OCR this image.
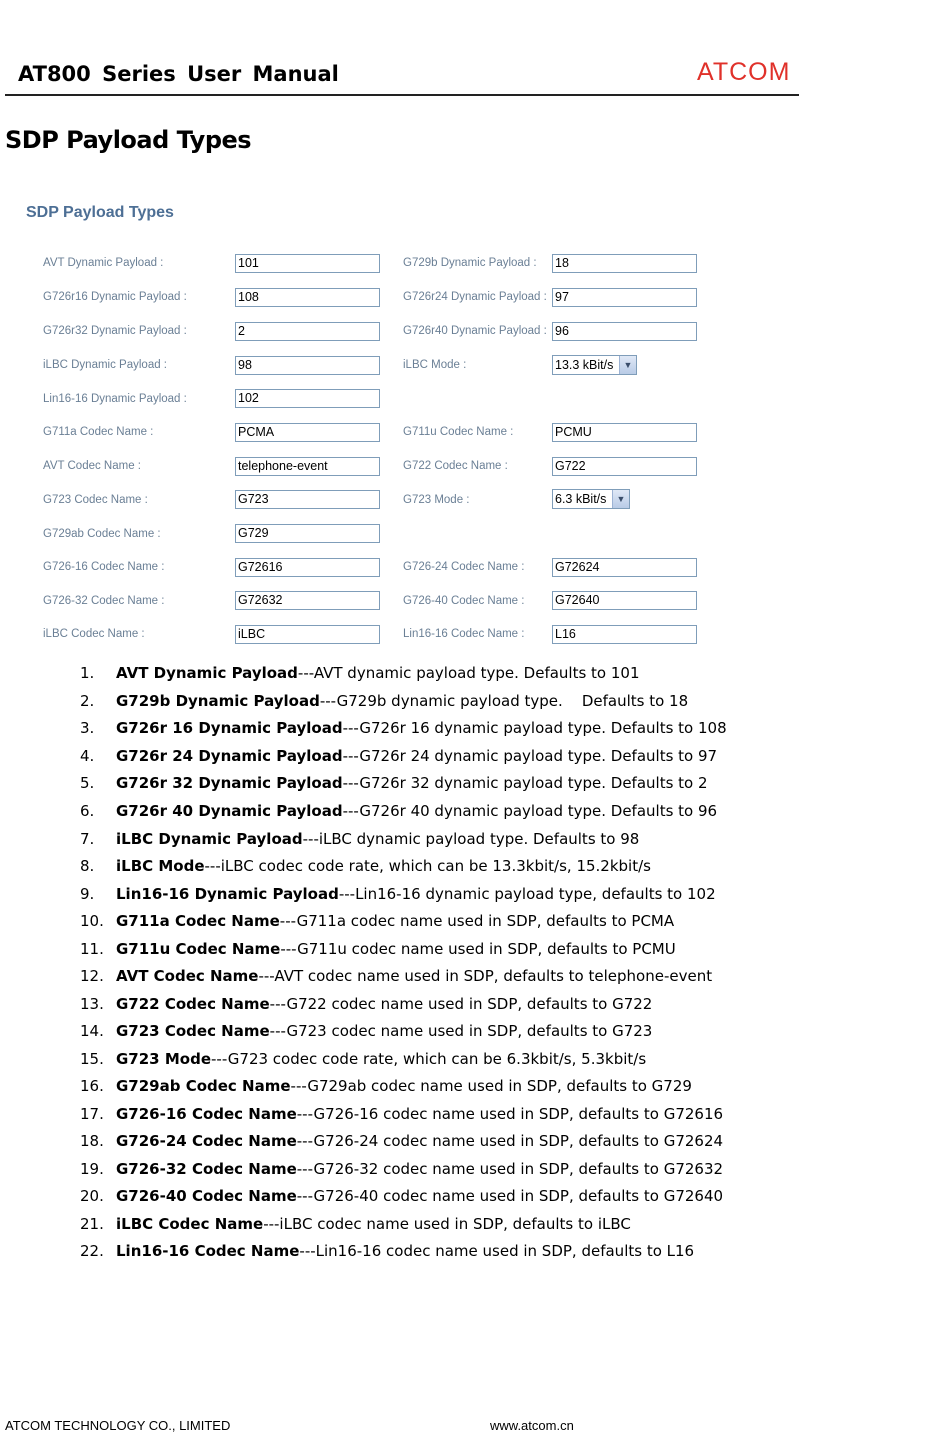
AT800 Series User Manual	ATCOM
SDP Payload Types
SDP Payload Types
AVT Dynamic Payload :	101	G729b Dynamic Payload : 18
G726r16 Dynamic Payload :	108	G726r24 Dynamic Payload : 97
G726r32 Dynamic Payload :	2	G726r40 Dynamic Payload : 96
iLBC Dynamic Payload :	98	iLBC Mode :	13.3 kBit/s	▼
Lin16-16 Dynamic Payload :	102
G711a Codec Name :	PCMA	G711u Codec Name :	PCMU
AVT Codec Name :	telephone-event	G722 Codec Name :	G722
G723 Codec Name :	G723	G723 Mode :	6.3 kBit/s	▼
G729ab Codec Name :	G729
G726-16 Codec Name :	G72616	G726-24 Codec Name : G72624
G726-32 Codec Name :	G72632	G726-40 Codec Name : G72640
iLBC Codec Name :	iLBC	Lin16-16 Codec Name : L16
1. AVT Dynamic Payload---AVT dynamic payload type. Defaults to 101
2. G729b Dynamic Payload---G729b dynamic payload type.    Defaults to 18
3. G726r 16 Dynamic Payload---G726r 16 dynamic payload type. Defaults to 108
4. G726r 24 Dynamic Payload---G726r 24 dynamic payload type. Defaults to 97
5. G726r 32 Dynamic Payload---G726r 32 dynamic payload type. Defaults to 2
6. G726r 40 Dynamic Payload---G726r 40 dynamic payload type. Defaults to 96
7. iLBC Dynamic Payload---iLBC dynamic payload type. Defaults to 98
8. iLBC Mode---iLBC codec code rate, which can be 13.3kbit/s, 15.2kbit/s
9. Lin16-16 Dynamic Payload---Lin16-16 dynamic payload type, defaults to 102
10. G711a Codec Name---G711a codec name used in SDP, defaults to PCMA
11. G711u Codec Name---G711u codec name used in SDP, defaults to PCMU
12. AVT Codec Name---AVT codec name used in SDP, defaults to telephone-event
13. G722 Codec Name---G722 codec name used in SDP, defaults to G722
14. G723 Codec Name---G723 codec name used in SDP, defaults to G723
15. G723 Mode---G723 codec code rate, which can be 6.3kbit/s, 5.3kbit/s
16. G729ab Codec Name---G729ab codec name used in SDP, defaults to G729
17. G726-16 Codec Name---G726-16 codec name used in SDP, defaults to G72616
18. G726-24 Codec Name---G726-24 codec name used in SDP, defaults to G72624
19. G726-32 Codec Name---G726-32 codec name used in SDP, defaults to G72632
20. G726-40 Codec Name---G726-40 codec name used in SDP, defaults to G72640
21. iLBC Codec Name---iLBC codec name used in SDP, defaults to iLBC
22. Lin16-16 Codec Name---Lin16-16 codec name used in SDP, defaults to L16
ATCOM TECHNOLOGY CO., LIMITED	www.atcom.cn
